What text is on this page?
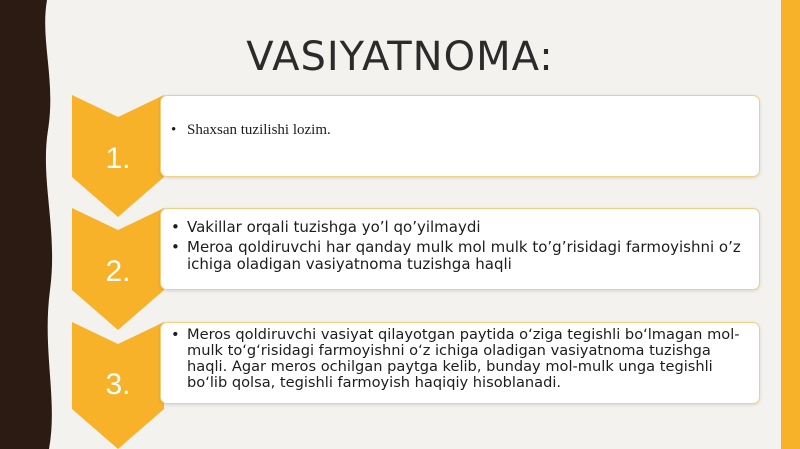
VASIYATNOMA:
1.
• Shaxsan tuzilishi lozim.
2.
• Vakillar orqali tuzishga yo’l qo’yilmaydi
• Meroa qoldiruvchi har qanday mulk mol mulk to’g’risidagi farmoyishni o’z ichiga oladigan vasiyatnoma tuzishga haqli
3.
• Meros qoldiruvchi vasiyat qilayotgan paytida o‘ziga tegishli bo‘lmagan mol-mulk to‘g‘risidagi farmoyishni o‘z ichiga oladigan vasiyatnoma tuzishga haqli. Agar meros ochilgan paytga kelib, bunday mol-mulk unga tegishli bo‘lib qolsa, tegishli farmoyish haqiqiy hisoblanadi.
